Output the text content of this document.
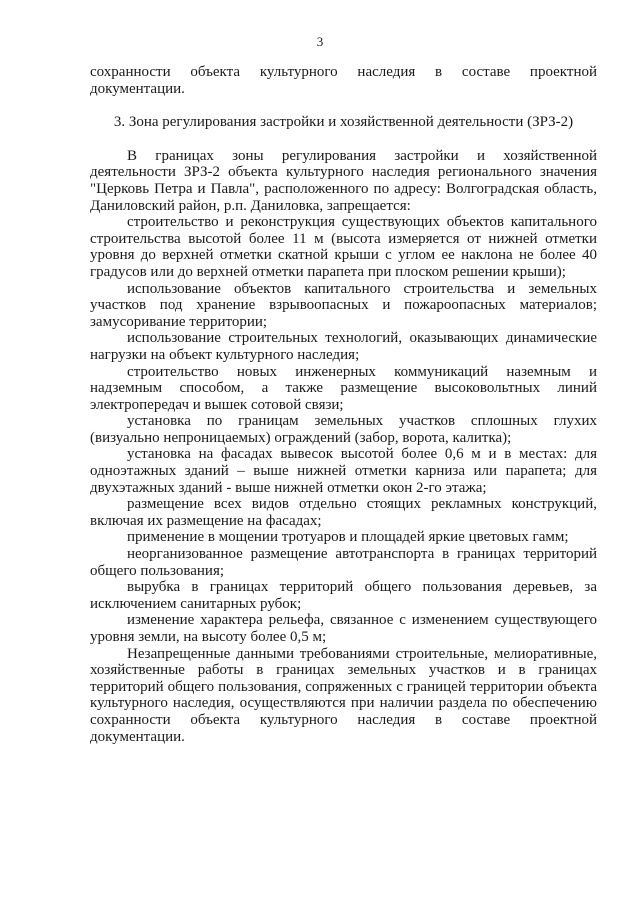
3

сохранности объекта культурного наследия в составе проектной документации.

3. Зона регулирования застройки и хозяйственной деятельности (ЗРЗ-2)

В границах зоны регулирования застройки и хозяйственной деятельности ЗРЗ-2 объекта культурного наследия регионального значения "Церковь Петра и Павла", расположенного по адресу: Волгоградская область, Даниловский район, р.п. Даниловка, запрещается:

строительство и реконструкция существующих объектов капитального строительства высотой более 11 м (высота измеряется от нижней отметки уровня до верхней отметки скатной крыши с углом ее наклона не более 40 градусов или до верхней отметки парапета при плоском решении крыши);

использование объектов капитального строительства и земельных участков под хранение взрывоопасных и пожароопасных материалов; замусоривание территории;

использование строительных технологий, оказывающих динамические нагрузки на объект культурного наследия;

строительство новых инженерных коммуникаций наземным и надземным способом, а также размещение высоковольтных линий электропередач и вышек сотовой связи;

установка по границам земельных участков сплошных глухих (визуально непроницаемых) ограждений (забор, ворота, калитка);

установка на фасадах вывесок высотой более 0,6 м и в местах: для одноэтажных зданий – выше нижней отметки карниза или парапета; для двухэтажных зданий - выше нижней отметки окон 2-го этажа;

размещение всех видов отдельно стоящих рекламных конструкций, включая их размещение на фасадах;

применение в мощении тротуаров и площадей яркие цветовых гамм;

неорганизованное размещение автотранспорта в границах территорий общего пользования;

вырубка в границах территорий общего пользования деревьев, за исключением санитарных рубок;

изменение характера рельефа, связанное с изменением существующего уровня земли, на высоту более 0,5 м;

Незапрещенные данными требованиями строительные, мелиоративные, хозяйственные работы в границах земельных участков и в границах территорий общего пользования, сопряженных с границей территории объекта культурного наследия, осуществляются при наличии раздела по обеспечению сохранности объекта культурного наследия в составе проектной документации.
